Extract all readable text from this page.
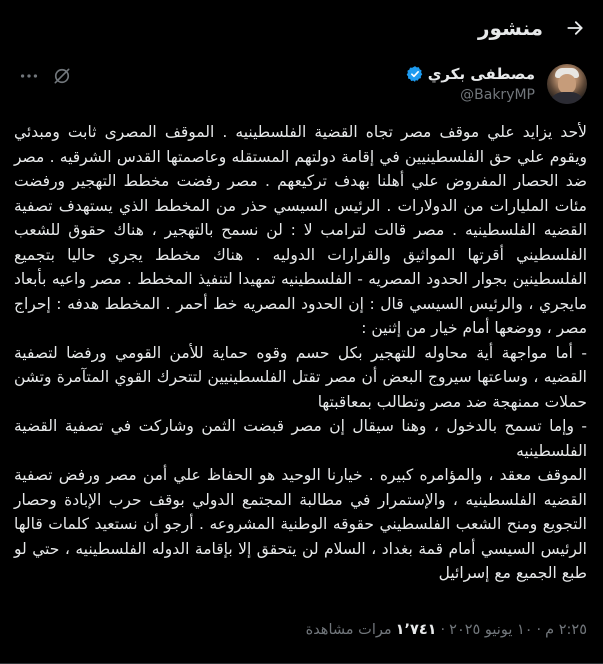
منشور
مصطفى بكري
@BakryMP
لأحد يزايد علي موقف مصر تجاه القضية الفلسطينيه . الموقف المصرى ثابت ومبدئي ويقوم علي حق الفلسطينيين في إقامة دولتهم المستقله وعاصمتها القدس الشرقيه . مصر ضد الحصار المفروض علي أهلنا بهدف تركيعهم . مصر رفضت مخطط التهجير ورفضت مئات المليارات من الدولارات . الرئيس السيسي حذر من المخطط الذي يستهدف تصفية القضيه الفلسطينيه . مصر قالت لترامب لا : لن نسمح بالتهجير ، هناك حقوق للشعب الفلسطيني أقرتها المواثيق والقرارات الدوليه . هناك مخطط يجري حاليا بتجميع الفلسطينين بجوار الحدود المصريه - الفلسطينيه تمهيدا لتنفيذ المخطط . مصر واعيه بأبعاد مايجري ، والرئيس السيسي قال : إن الحدود المصريه خط أحمر . المخطط هدفه : إحراج مصر ، ووضعها أمام خيار من إثنين :
- أما مواجهة أية محاوله للتهجير بكل حسم وقوه حماية للأمن القومي ورفضا لتصفية القضيه ، وساعتها سيروج البعض أن مصر تقتل الفلسطينيين لتتحرك القوي المتآمرة وتشن حملات ممنهجة ضد مصر وتطالب بمعاقبتها
- وإما تسمح بالدخول ، وهنا سيقال إن مصر قبضت الثمن وشاركت في تصفية القضية الفلسطينيه
الموقف معقد ، والمؤامره كبيره . خيارنا الوحيد هو الحفاظ علي أمن مصر ورفض تصفية القضيه الفلسطينيه ، والإستمرار في مطالبة المجتمع الدولي بوقف حرب الإبادة وحصار التجويع ومنح الشعب الفلسطيني حقوقه الوطنية المشروعه . أرجو أن نستعيد كلمات قالها الرئيس السيسي أمام قمة بغداد ، السلام لن يتحقق إلا بإقامة الدوله الفلسطينيه ، حتي لو طبع الجميع مع إسرائيل
٢:٢٥ م
·
١٠ يونيو ٢٠٢٥
·
١٬٧٤١
مرات مشاهدة
